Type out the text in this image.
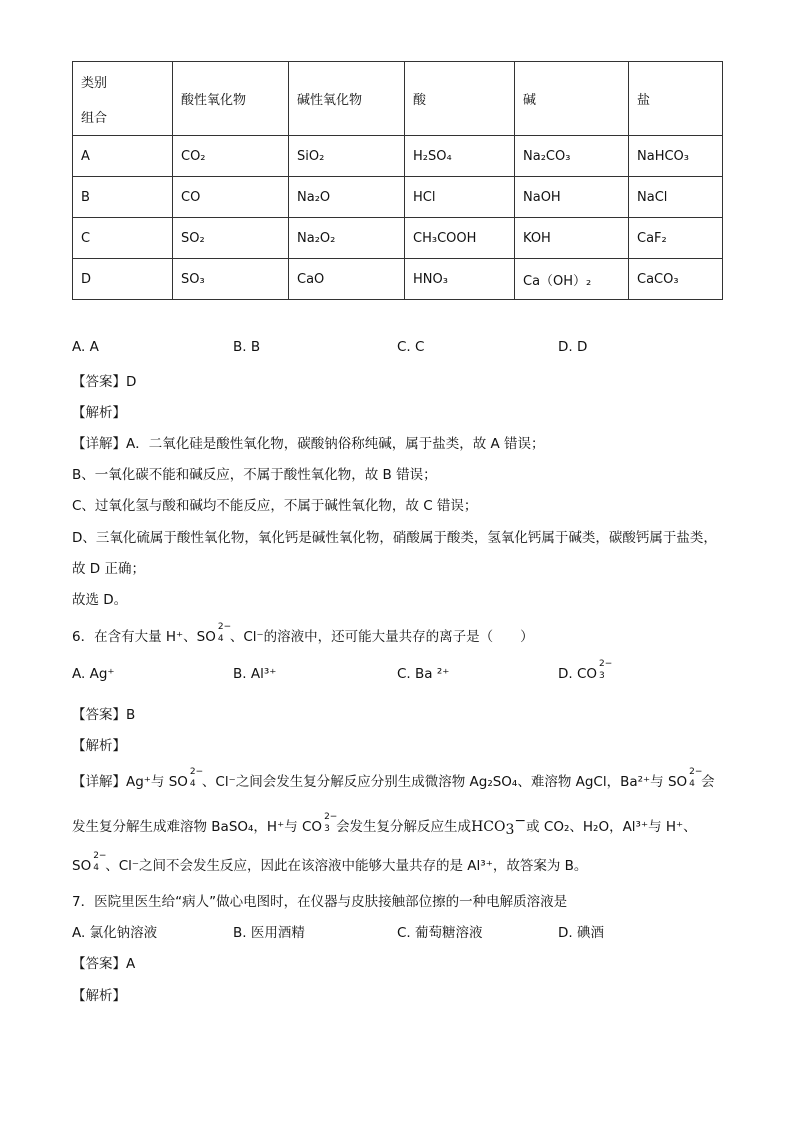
类别
组合	酸性氧化物	碱性氧化物	酸	碱	盐
A	CO₂	SiO₂	H₂SO₄	Na₂CO₃	NaHCO₃
B	CO	Na₂O	HCl	NaOH	NaCl
C	SO₂	Na₂O₂	CH₃COOH	KOH	CaF₂
D	SO₃	CaO	HNO₃	Ca（OH）₂	CaCO₃
A. A	B. B	C. C	D. D
【答案】D
【解析】
【详解】A．二氧化硅是酸性氧化物，碳酸钠俗称纯碱，属于盐类，故 A 错误；
B、一氧化碳不能和碱反应，不属于酸性氧化物，故 B 错误；
C、过氧化氢与酸和碱均不能反应，不属于碱性氧化物，故 C 错误；
D、三氧化硫属于酸性氧化物，氧化钙是碱性氧化物，硝酸属于酸类，氢氧化钙属于碱类，碳酸钙属于盐类，
故 D 正确；
故选 D。
6．在含有大量 H⁺、SO
2−
4 、Cl⁻的溶液中，还可能大量共存的离子是（　　）
A. Ag⁺	B. Al³⁺	C. Ba ²⁺	D. CO
2−
3
【答案】B
【解析】
【详解】Ag⁺与 SO
2−
4 、Cl⁻之间会发生复分解反应分别生成微溶物 Ag₂SO₄、难溶物 AgCl，Ba²⁺与 SO
2−
4 会
发生复分解生成难溶物 BaSO₄，H⁺与 CO
2−
3 会发生复分解反应生成HCO3−或 CO₂、H₂O，Al³⁺与 H⁺、
SO
2−
4 、Cl⁻之间不会发生反应，因此在该溶液中能够大量共存的是 Al³⁺，故答案为 B。
7．医院里医生给“病人”做心电图时，在仪器与皮肤接触部位擦的一种电解质溶液是
A. 氯化钠溶液	B. 医用酒精	C. 葡萄糖溶液	D. 碘酒
【答案】A
【解析】
